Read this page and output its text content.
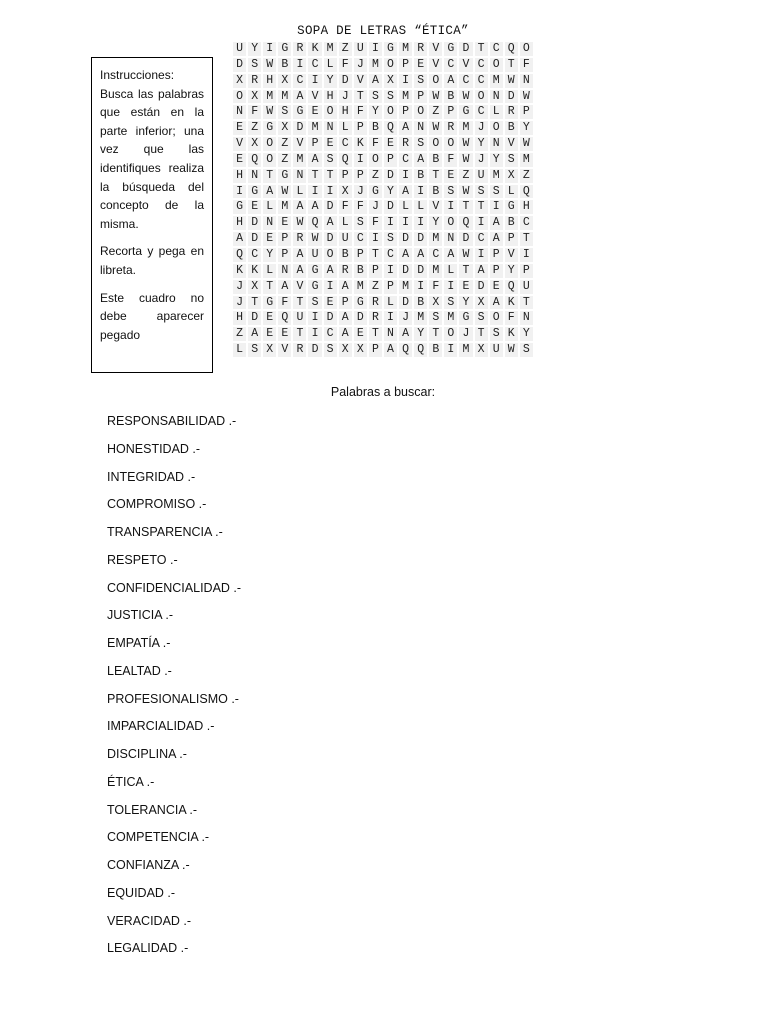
SOPA DE LETRAS “ÉTICA”
U Y I G R K M Z U I G M R V G D T C Q O
D S W B I C L F J M O P E V C V C O T F
X R H X C I Y D V A X I S O A C C M W N
O X M M A V H J T S S M P W B W O N D W
N F W S G E O H F Y O P O Z P G C L R P
E Z G X D M N L P B Q A N W R M J O B Y
V X O Z V P E C K F E R S O O W Y N V W
E Q O Z M A S Q I O P C A B F W J Y S M
H N T G N T T P P Z D I B T E Z U M X Z
I G A W L I I X J G Y A I B S W S S L Q
G E L M A A D F F J D L L V I T T I G H
H D N E W Q A L S F I I I Y O Q I A B C
A D E P R W D U C I S D D M N D C A P T
Q C Y P A U O B P T C A A C A W I P V I
K K L N A G A R B P I D D M L T A P Y P
J X T A V G I A M Z P M I F I E D E Q U
J T G F T S E P G R L D B X S Y X A K T
H D E Q U I D A D R I J M S M G S O F N
Z A E E T I C A E T N A Y T O J T S K Y
L S X V R D S X X P A Q Q B I M X U W S

Instrucciones: Busca las palabras que están en la parte inferior; una vez que las identifiques realiza la búsqueda del concepto de la misma.

Recorta y pega en libreta.

Este cuadro no debe aparecer pegado

Palabras a buscar:
RESPONSABILIDAD .-
HONESTIDAD .-
INTEGRIDAD .-
COMPROMISO .-
TRANSPARENCIA .-
RESPETO .-
CONFIDENCIALIDAD .-
JUSTICIA .-
EMPATÍA .-
LEALTAD .-
PROFESIONALISMO .-
IMPARCIALIDAD .-
DISCIPLINA .-
ÉTICA .-
TOLERANCIA .-
COMPETENCIA .-
CONFIANZA .-
EQUIDAD .-
VERACIDAD .-
LEGALIDAD .-
